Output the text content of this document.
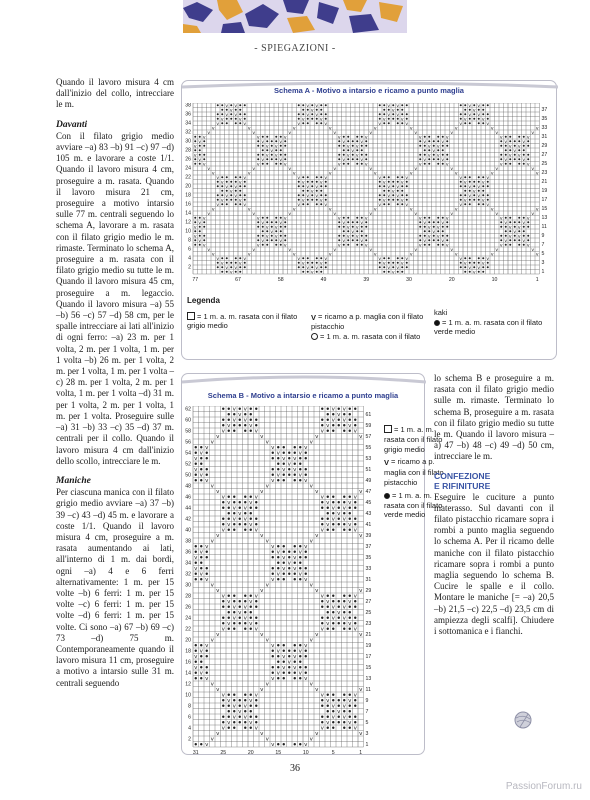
- SPIEGAZIONI -

Quando il lavoro misura 4 cm dall'inizio del collo, intrecciare le m.

Davanti

Con il filato grigio medio avviare –a) 83 –b) 91 –c) 97 –d) 105 m. e lavorare a coste 1/1. Quando il lavoro misura 4 cm, proseguire a m. rasata. Quando il lavoro misura 21 cm, proseguire a motivo intarsio sulle 77 m. centrali seguendo lo schema A, lavorare a m. rasata con il filato grigio medio le m. rimaste. Terminato lo schema A, proseguire a m. rasata con il filato grigio medio su tutte le m. Quando il lavoro misura 45 cm, proseguire a m. legaccio. Quando il lavoro misura –a) 55 –b) 56 –c) 57 –d) 58 cm, per le spalle intrecciare ai lati all'inizio di ogni ferro: –a) 23 m. per 1 volta, 2 m. per 1 volta, 1 m. per 1 volta –b) 26 m. per 1 volta, 2 m. per 1 volta, 1 m. per 1 volta –c) 28 m. per 1 volta, 2 m. per 1 volta, 1 m. per 1 volta –d) 31 m. per 1 volta, 2 m. per 1 volta, 1 m. per 1 volta. Proseguire sulle –a) 31 –b) 33 –c) 35 –d) 37 m. centrali per il collo. Quando il lavoro misura 4 cm dall'inizio dello scollo, intrecciare le m.

Maniche

Per ciascuna manica con il filato grigio medio avviare –a) 37 –b) 39 –c) 43 –d) 45 m. e lavorare a coste 1/1. Quando il lavoro misura 4 cm, proseguire a m. rasata aumentando ai lati, all'interno di 1 m. dai bordi, ogni –a) 4 e 6 ferri alternativamente: 1 m. per 15 volte –b) 6 ferri: 1 m. per 15 volte –c) 6 ferri: 1 m. per 15 volte –d) 6 ferri: 1 m. per 15 volte. Ci sono –a) 67 –b) 69 –c) 73 –d) 75 m. Contemporaneamente quando il lavoro misura 11 cm, proseguire a motivo a intarsio sulle 31 m. centrali seguendo

Schema A - Motivo a intarsio e ricamo a punto maglia
v v	v v	v v	v v
v	v	v	v
v v	v v	v v	v v
v	v	v	v	v	v	v	v
v	v	v	v	v	v	v	v
v	v	v	v	v	v	v	v	v
v	v	v	v	v	v	v	v	v
v	v	v	v	v	v	v	v	v
v	v	v	v	v	v	v	v	v
v	v v	v v	v v	v v
v	v	v	v
v	v v	v v	v v	v v
v	v	v	v	v	v	v	v	v
v	v	v	v	v	v	v	v	v
v	v	v	v	v	v	v	v	v
v	v	v	v	v	v	v	v	v
v	v	v	v	v	v	v	v
v	v	v	v	v	v	v	v
v v	v v	v v	v v
v	v	v	v
v v	v v	v v	v v
v	v	v	v	v	v	v	v
v	v	v	v	v	v	v	v
v	v	v	v	v	v	v	v	v
v	v	v	v	v	v	v	v	v
v	v	v	v	v	v	v	v	v
v	v	v	v	v	v	v	v	v
v	v v	v v	v v	v v
v	v	v	v
v	v v	v v	v v	v v
v	v	v	v	v	v	v	v	v
v	v	v	v	v	v	v	v	v
v	v	v	v	v	v	v	v	v
v	v	v	v	v	v	v	v	v
v	v	v	v	v	v	v	v
v	v	v	v	v	v	v	v
v v	v v	v v	v v
v	v	v	v
38
36
34
32
30
28
26
24
22
20
18
16
14
12
10
8
6
4
2
37
35
33
31
29
27
25
23
21
19
17
15
13
11
9
7
5
3
1
77	67	58	49	39	30	20	10	1
Legenda
= 1 m. a. m. rasata con il filato grigio medio
V = ricamo a p. maglia con il filato pistacchio
= 1 m. a. m. rasata con il filato
kaki
= 1 m. a. m. rasata con il filato verde medio
Schema B - Motivo a intarsio e ricamo a punto maglia
v v	v v
v	v
v v	v v
v	v	v	v
v	v	v	v
v	v	v	v
v	v	v
v	v	v
v	v	v
v	v v
v
v	v v
v	v	v
v	v	v
v	v	v
v	v	v	v
v	v	v	v
v	v	v	v
v v	v v
v	v
v v	v v
v	v	v	v
v	v	v	v
v	v	v	v
v	v	v
v	v	v
v	v	v
v	v v
v
v	v v
v	v	v
v	v	v
v	v	v
v	v	v	v
v	v	v	v
v	v	v	v
v v	v v
v	v
v v	v v
v	v	v	v
v	v	v	v
v	v	v	v
v	v	v
v	v	v
v	v	v
v	v v
v
v	v v
v	v	v
v	v	v
v	v	v
v	v	v	v
v	v	v	v
v	v	v	v
v v	v v
v	v
v v	v v
v	v	v	v
v	v	v	v
v	v	v	v
v	v	v
v	v	v
62
60
58
56
54
52
50
48
46
44
42
40
38
36
34
32
30
28
26
24
22
20
18
16
14
12
10
8
6
4
2
61
59
57
55
53
51
49
47
45
43
41
39
37
35
33
31
29
27
25
23
21
19
17
15
13
11
9
7
5
3
1
31	25	20	15	10	5	1
= 1 m. a. m. rasata con il filato grigio medio
V = ricamo a p. maglia con il filato pistacchio
= 1 m. a. m. rasata con il filato verde medio

lo schema B e proseguire a m. rasata con il filato grigio medio sulle m. rimaste. Terminato lo schema B, proseguire a m. rasata con il filato grigio medio su tutte le m. Quando il lavoro misura –a) 47 –b) 48 –c) 49 –d) 50 cm, intrecciare le m.

CONFEZIONE
E RIFINITURE

Eseguire le cuciture a punto materasso. Sul davanti con il filato pistacchio ricamare sopra i rombi a punto maglia seguendo lo schema A. Per il ricamo delle maniche con il filato pistacchio ricamare sopra i rombi a punto maglia seguendo lo schema B. Cucire le spalle e il collo. Montare le maniche [= –a) 20,5 –b) 21,5 –c) 22,5 –d) 23,5 cm di ampiezza degli scalfi]. Chiudere i sottomanica e i fianchi.

36
PassionForum.ru
